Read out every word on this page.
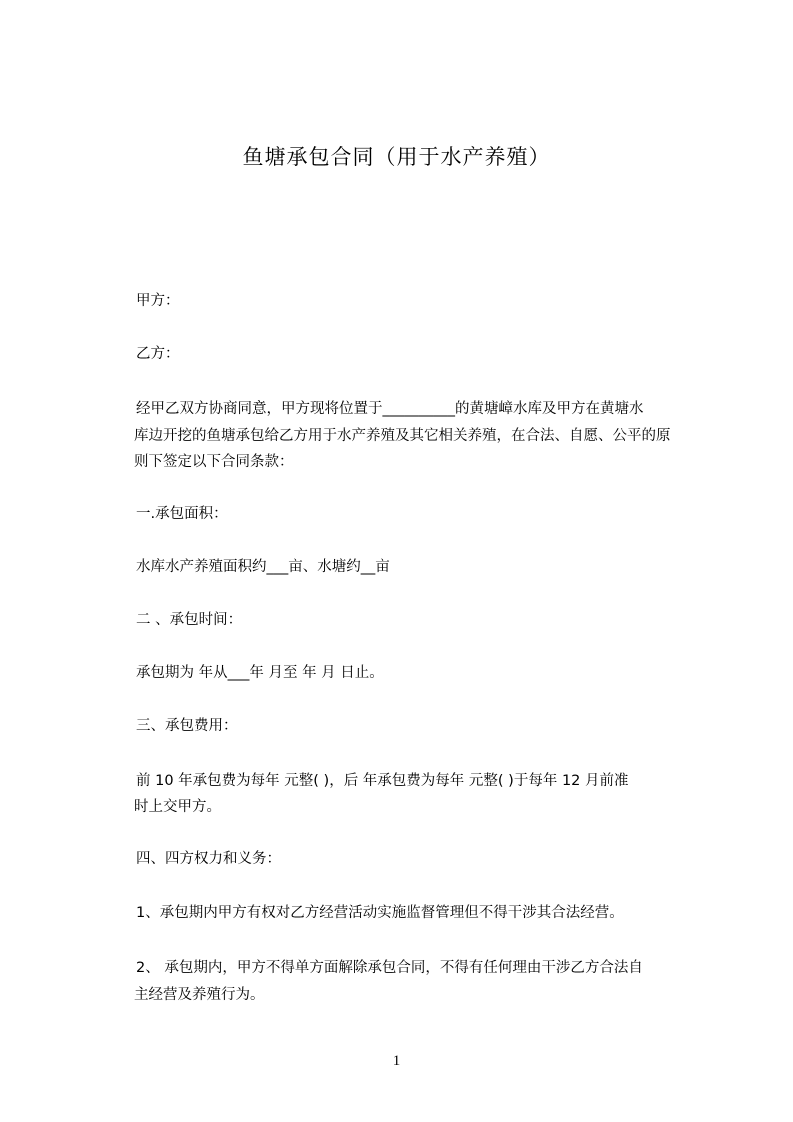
鱼塘承包合同（用于水产养殖）
甲方：
乙方：
经甲乙双方协商同意，甲方现将位置于__________的黄塘嶂水库及甲方在黄塘水
库边开挖的鱼塘承包给乙方用于水产养殖及其它相关养殖，在合法、自愿、公平的原
则下签定以下合同条款：
一.承包面积：
水库水产养殖面积约___亩、水塘约__亩
二 、承包时间：
承包期为 年从___年 月至 年 月 日止。
三、承包费用：
前 10 年承包费为每年 元整( )，后 年承包费为每年 元整( )于每年 12 月前准
时上交甲方。
四、四方权力和义务：
1、承包期内甲方有权对乙方经营活动实施监督管理但不得干涉其合法经营。
2、 承包期内，甲方不得单方面解除承包合同，不得有任何理由干涉乙方合法自
主经营及养殖行为。
1
